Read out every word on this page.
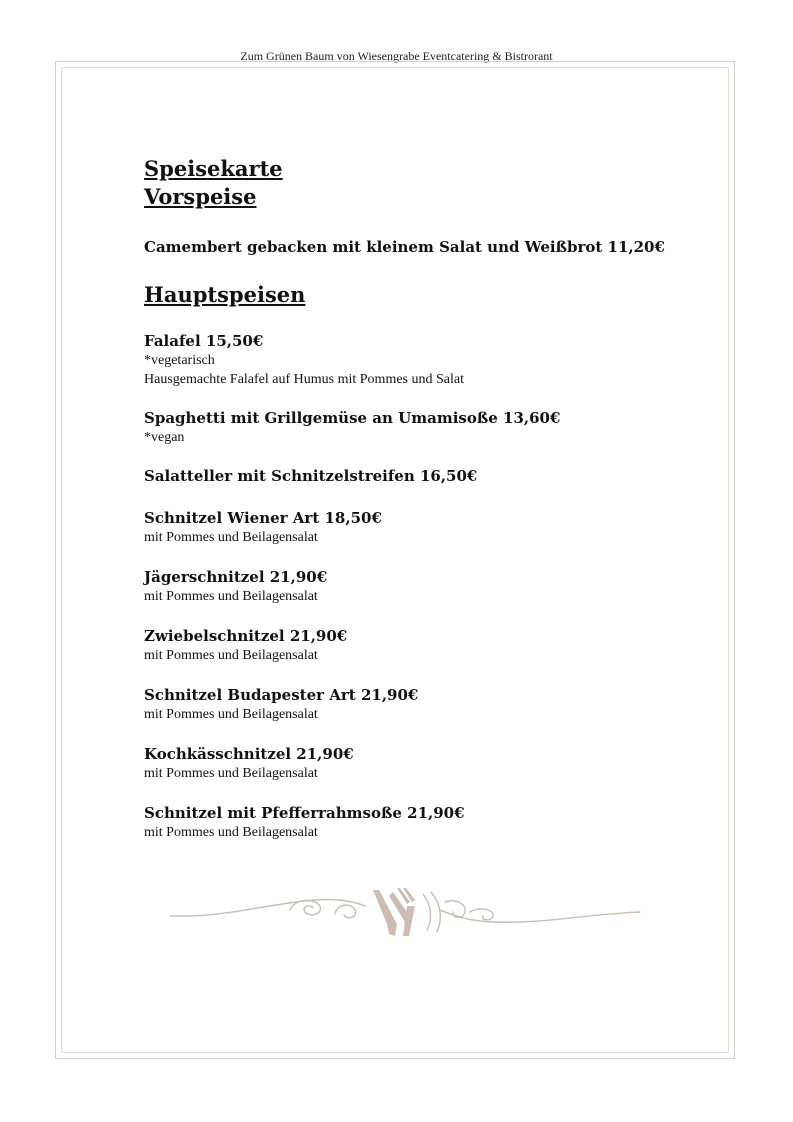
Zum Grünen Baum von Wiesengrabe Eventcatering & Bistrorant
Speisekarte
Vorspeise
Camembert gebacken mit kleinem Salat und Weißbrot 11,20€
Hauptspeisen
Falafel 15,50€
*vegetarisch
Hausgemachte Falafel auf Humus mit Pommes und Salat
Spaghetti mit Grillgemüse an Umamisoße 13,60€
*vegan
Salatteller mit Schnitzelstreifen 16,50€
Schnitzel Wiener Art 18,50€
mit Pommes und Beilagensalat
Jägerschnitzel 21,90€
mit Pommes und Beilagensalat
Zwiebelschnitzel 21,90€
mit Pommes und Beilagensalat
Schnitzel Budapester Art 21,90€
mit Pommes und Beilagensalat
Kochkässchnitzel 21,90€
mit Pommes und Beilagensalat
Schnitzel mit Pfefferrahmsoße 21,90€
mit Pommes und Beilagensalat
